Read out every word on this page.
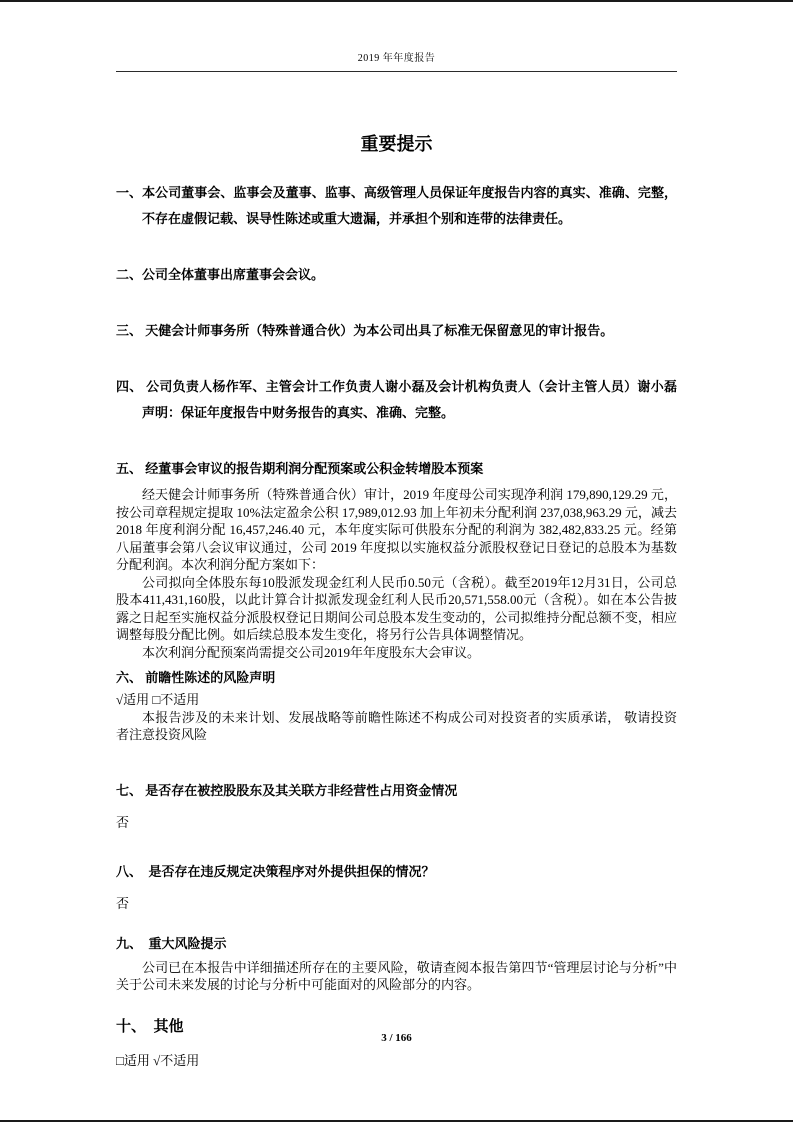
2019 年年度报告
重要提示

一、本公司董事会、监事会及董事、监事、高级管理人员保证年度报告内容的真实、准确、完整，不存在虚假记载、误导性陈述或重大遗漏，并承担个别和连带的法律责任。

二、公司全体董事出席董事会会议。

三、 天健会计师事务所（特殊普通合伙）为本公司出具了标准无保留意见的审计报告。

四、 公司负责人杨作军、主管会计工作负责人谢小磊及会计机构负责人（会计主管人员）谢小磊声明：保证年度报告中财务报告的真实、准确、完整。

五、 经董事会审议的报告期利润分配预案或公积金转增股本预案

经天健会计师事务所（特殊普通合伙）审计，2019 年度母公司实现净利润 179,890,129.29 元，按公司章程规定提取 10%法定盈余公积 17,989,012.93 加上年初未分配利润 237,038,963.29 元，减去 2018 年度利润分配 16,457,246.40 元，本年度实际可供股东分配的利润为 382,482,833.25 元。经第八届董事会第八会议审议通过，公司 2019 年度拟以实施权益分派股权登记日登记的总股本为基数分配利润。本次利润分配方案如下：

公司拟向全体股东每10股派发现金红利人民币0.50元（含税）。截至2019年12月31日，公司总股本411,431,160股，以此计算合计拟派发现金红利人民币20,571,558.00元（含税）。如在本公告披露之日起至实施权益分派股权登记日期间公司总股本发生变动的，公司拟维持分配总额不变，相应调整每股分配比例。如后续总股本发生变化，将另行公告具体调整情况。

本次利润分配预案尚需提交公司2019年年度股东大会审议。

六、 前瞻性陈述的风险声明

√适用 □不适用

本报告涉及的未来计划、发展战略等前瞻性陈述不构成公司对投资者的实质承诺， 敬请投资者注意投资风险

七、 是否存在被控股股东及其关联方非经营性占用资金情况

否

八、　是否存在违反规定决策程序对外提供担保的情况？

否

九、　重大风险提示

公司已在本报告中详细描述所存在的主要风险，敬请查阅本报告第四节“管理层讨论与分析”中关于公司未来发展的讨论与分析中可能面对的风险部分的内容。

十、　其他

□适用 √不适用

3 / 166
